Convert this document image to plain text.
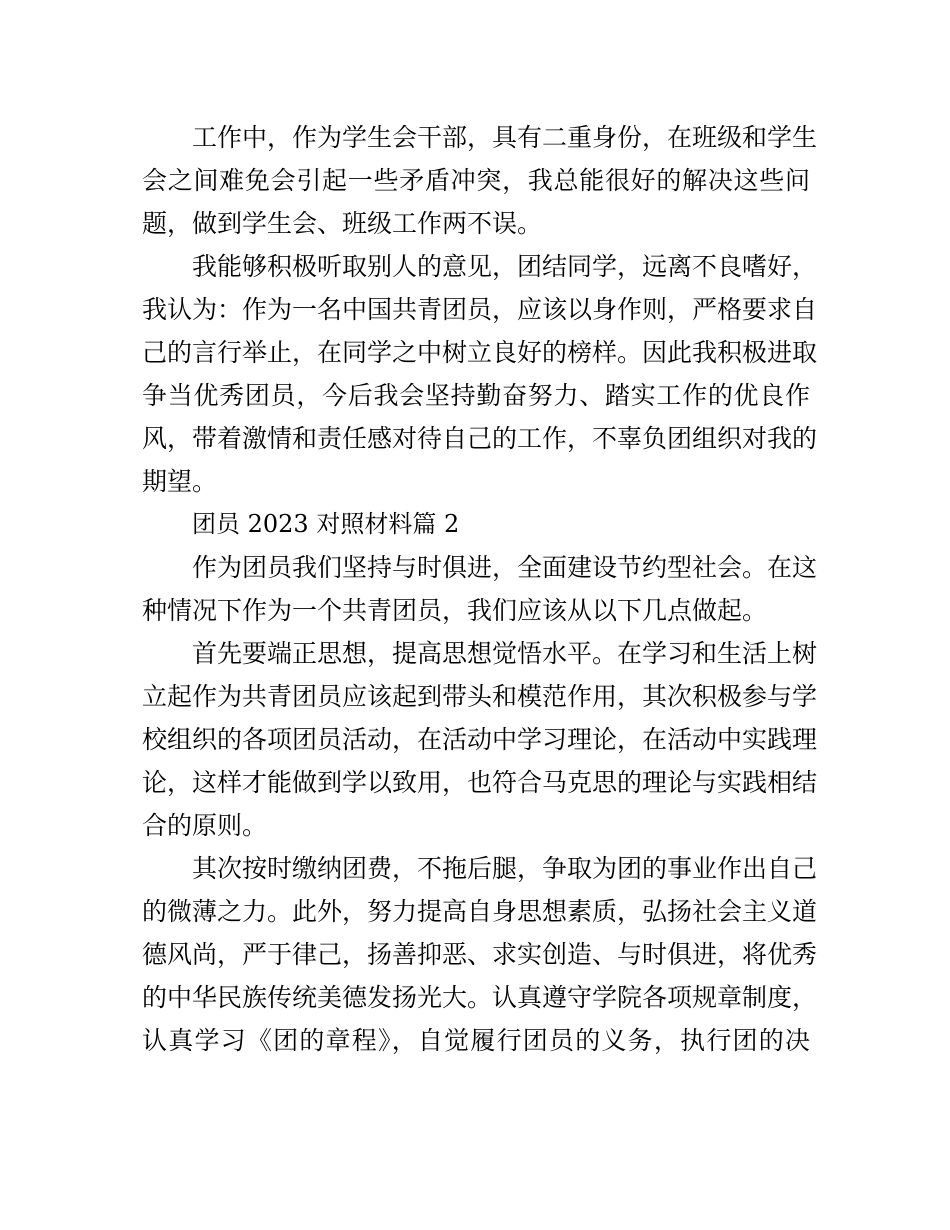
工作中，作为学生会干部，具有二重身份，在班级和学生
会之间难免会引起一些矛盾冲突，我总能很好的解决这些问
题，做到学生会、班级工作两不误。
我能够积极听取别人的意见，团结同学，远离不良嗜好，
我认为：作为一名中国共青团员，应该以身作则，严格要求自
己的言行举止，在同学之中树立良好的榜样。因此我积极进取
争当优秀团员，今后我会坚持勤奋努力、踏实工作的优良作
风，带着激情和责任感对待自己的工作，不辜负团组织对我的
期望。
团员 2023 对照材料篇 2
作为团员我们坚持与时俱进，全面建设节约型社会。在这
种情况下作为一个共青团员，我们应该从以下几点做起。
首先要端正思想，提高思想觉悟水平。在学习和生活上树
立起作为共青团员应该起到带头和模范作用，其次积极参与学
校组织的各项团员活动，在活动中学习理论，在活动中实践理
论，这样才能做到学以致用，也符合马克思的理论与实践相结
合的原则。
其次按时缴纳团费，不拖后腿，争取为团的事业作出自己
的微薄之力。此外，努力提高自身思想素质，弘扬社会主义道
德风尚，严于律己，扬善抑恶、求实创造、与时俱进，将优秀
的中华民族传统美德发扬光大。认真遵守学院各项规章制度，
认真学习《团的章程》，自觉履行团员的义务，执行团的决
